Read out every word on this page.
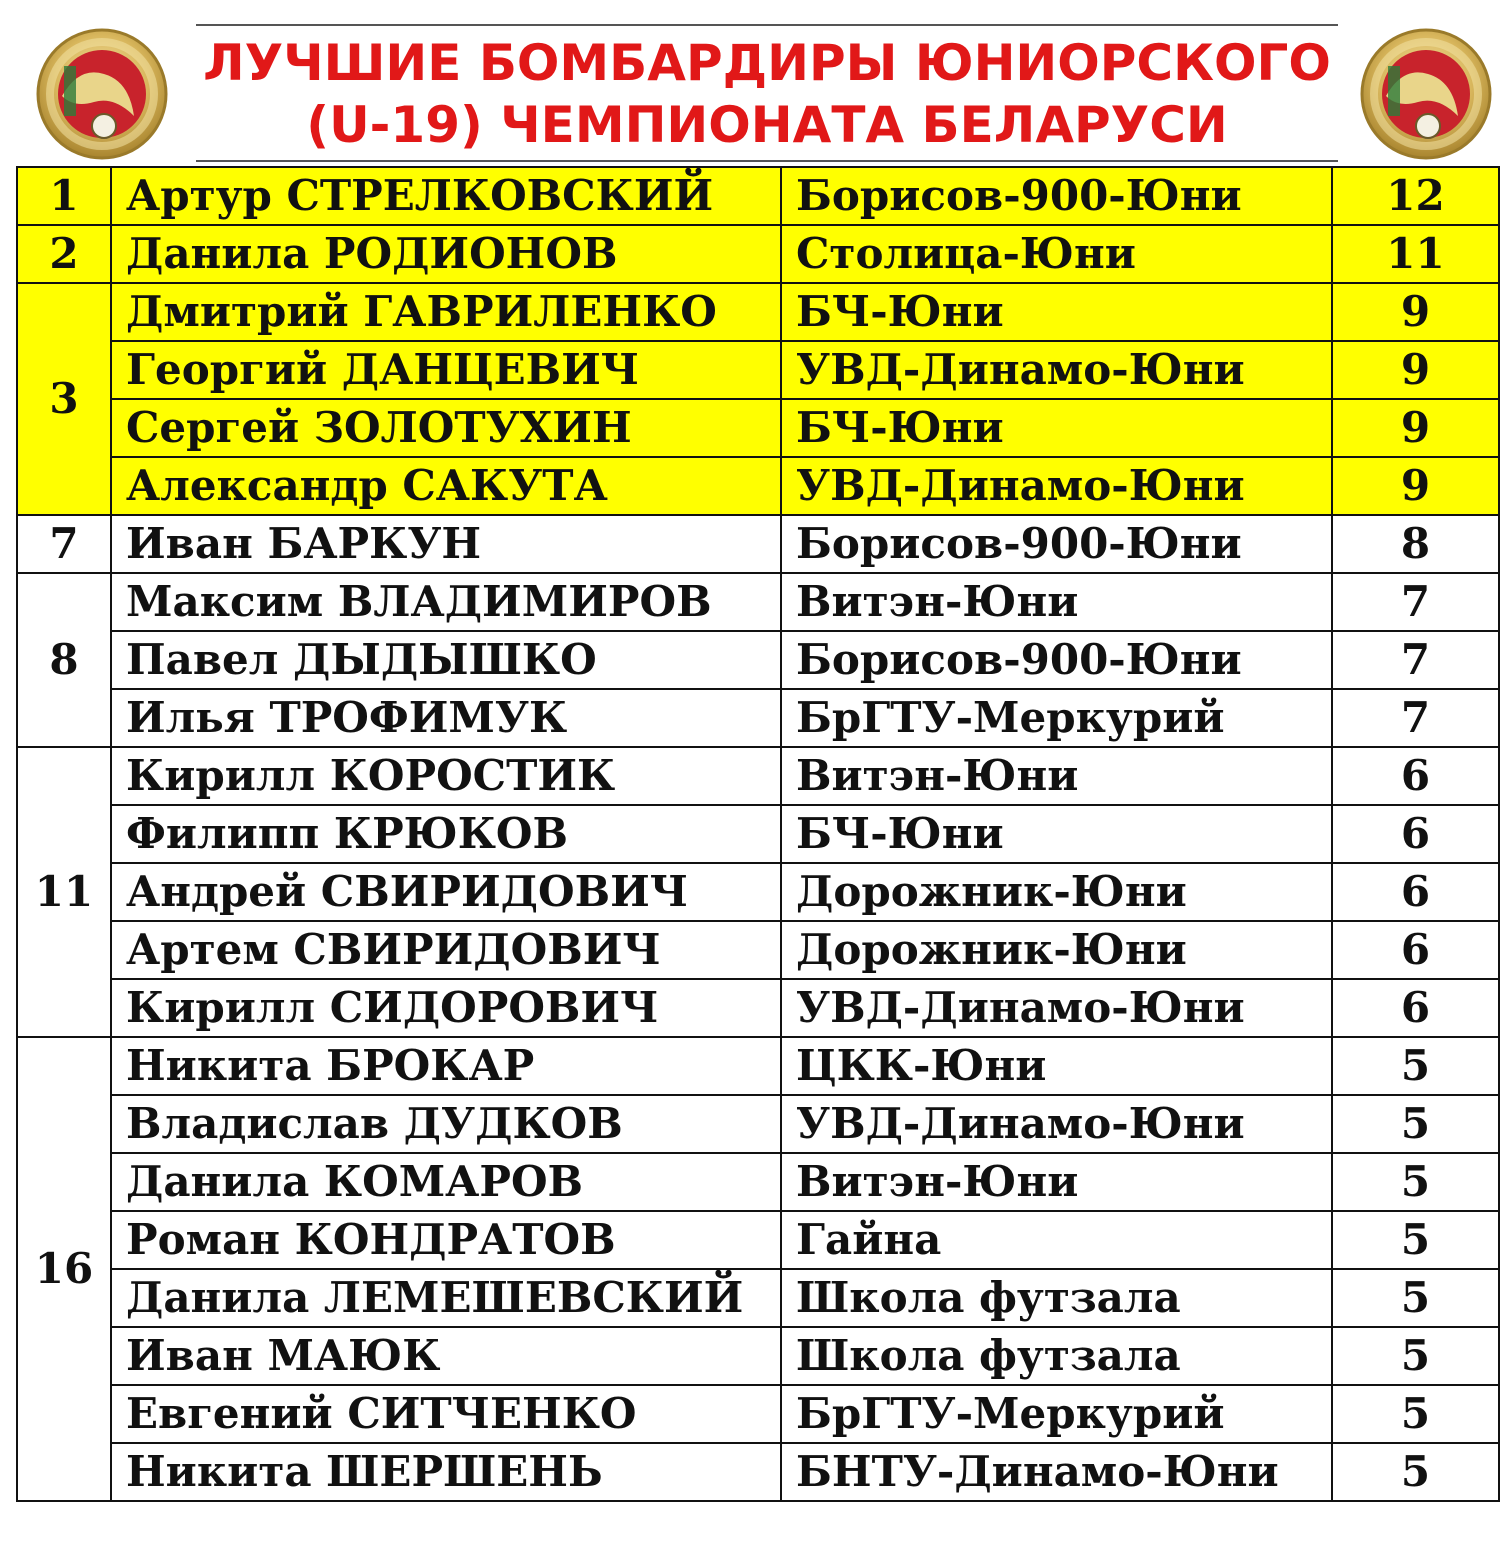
ЛУЧШИЕ БОМБАРДИРЫ ЮНИОРСКОГО
(U-19) ЧЕМПИОНАТА БЕЛАРУСИ
1	Артур СТРЕЛКОВСКИЙ	Борисов-900-Юни	12
2	Данила РОДИОНОВ	Столица-Юни	11
3	Дмитрий ГАВРИЛЕНКО	БЧ-Юни	9
	Георгий ДАНЦЕВИЧ	УВД-Динамо-Юни	9
	Сергей ЗОЛОТУХИН	БЧ-Юни	9
	Александр САКУТА	УВД-Динамо-Юни	9
7	Иван БАРКУН	Борисов-900-Юни	8
8	Максим ВЛАДИМИРОВ	Витэн-Юни	7
	Павел ДЫДЫШКО	Борисов-900-Юни	7
	Илья ТРОФИМУК	БрГТУ-Меркурий	7
11	Кирилл КОРОСТИК	Витэн-Юни	6
	Филипп КРЮКОВ	БЧ-Юни	6
	Андрей СВИРИДОВИЧ	Дорожник-Юни	6
	Артем СВИРИДОВИЧ	Дорожник-Юни	6
	Кирилл СИДОРОВИЧ	УВД-Динамо-Юни	6
16	Никита БРОКАР	ЦКК-Юни	5
	Владислав ДУДКОВ	УВД-Динамо-Юни	5
	Данила КОМАРОВ	Витэн-Юни	5
	Роман КОНДРАТОВ	Гайна	5
	Данила ЛЕМЕШЕВСКИЙ	Школа футзала	5
	Иван МАЮК	Школа футзала	5
	Евгений СИТЧЕНКО	БрГТУ-Меркурий	5
	Никита ШЕРШЕНЬ	БНТУ-Динамо-Юни	5
